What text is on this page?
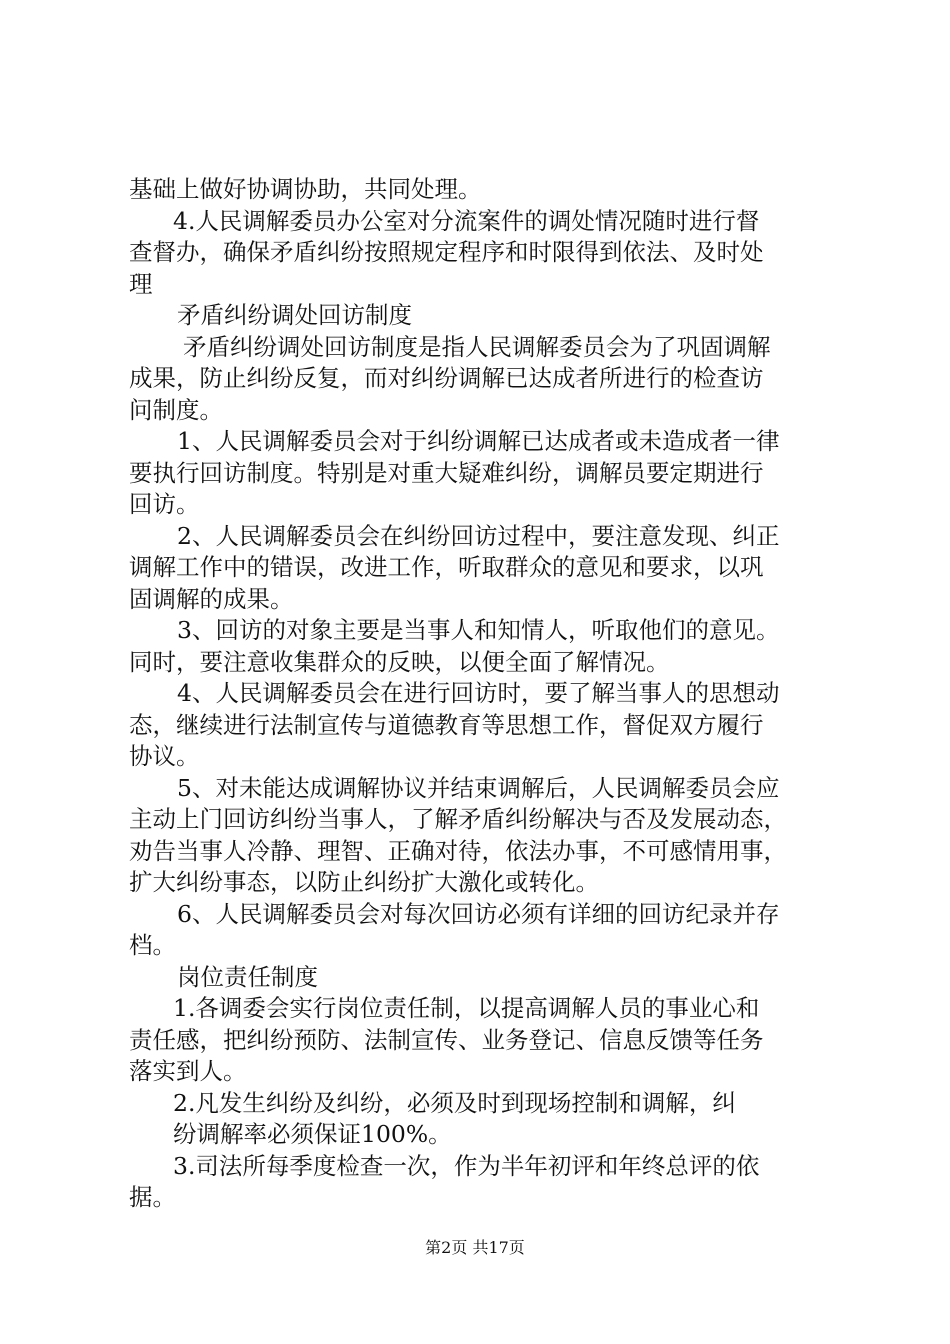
基础上做好协调协助，共同处理。
4.人民调解委员办公室对分流案件的调处情况随时进行督
查督办，确保矛盾纠纷按照规定程序和时限得到依法、及时处
理
矛盾纠纷调处回访制度
矛盾纠纷调处回访制度是指人民调解委员会为了巩固调解
成果，防止纠纷反复，而对纠纷调解已达成者所进行的检查访
问制度。
1、人民调解委员会对于纠纷调解已达成者或未造成者一律
要执行回访制度。特别是对重大疑难纠纷，调解员要定期进行
回访。
2、人民调解委员会在纠纷回访过程中，要注意发现、纠正
调解工作中的错误，改进工作，听取群众的意见和要求，以巩
固调解的成果。
3、回访的对象主要是当事人和知情人，听取他们的意见。
同时，要注意收集群众的反映，以便全面了解情况。
4、人民调解委员会在进行回访时，要了解当事人的思想动
态，继续进行法制宣传与道德教育等思想工作，督促双方履行
协议。
5、对未能达成调解协议并结束调解后，人民调解委员会应
主动上门回访纠纷当事人，了解矛盾纠纷解决与否及发展动态，
劝告当事人冷静、理智、正确对待，依法办事，不可感情用事，
扩大纠纷事态，以防止纠纷扩大激化或转化。
6、人民调解委员会对每次回访必须有详细的回访纪录并存
档。
岗位责任制度
1.各调委会实行岗位责任制，以提高调解人员的事业心和
责任感，把纠纷预防、法制宣传、业务登记、信息反馈等任务
落实到人。
2.凡发生纠纷及纠纷，必须及时到现场控制和调解，纠
纷调解率必须保证100%。
3.司法所每季度检查一次，作为半年初评和年终总评的依
据。
第2页 共17页
